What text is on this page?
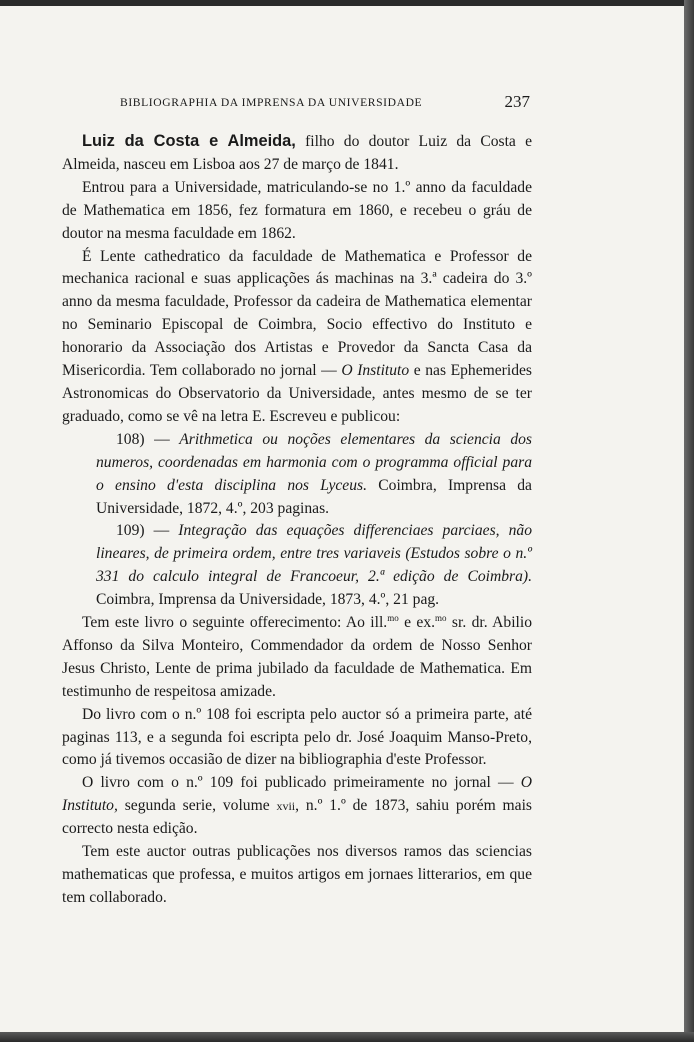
BIBLIOGRAPHIA DA IMPRENSA DA UNIVERSIDADE	237

Luiz da Costa e Almeida, filho do doutor Luiz da Costa e Almeida, nasceu em Lisboa aos 27 de março de 1841.

Entrou para a Universidade, matriculando-se no 1.º anno da faculdade de Mathematica em 1856, fez formatura em 1860, e recebeu o gráu de doutor na mesma faculdade em 1862.

É Lente cathedratico da faculdade de Mathematica e Professor de mechanica racional e suas applicações ás machinas na 3.ª cadeira do 3.º anno da mesma faculdade, Professor da cadeira de Mathematica elementar no Seminario Episcopal de Coimbra, Socio effectivo do Instituto e honorario da Associação dos Artistas e Provedor da Sancta Casa da Misericordia. Tem collaborado no jornal — O Instituto e nas Ephemerides Astronomicas do Observatorio da Universidade, antes mesmo de se ter graduado, como se vê na letra E. Escreveu e publicou:

108) — Arithmetica ou noções elementares da sciencia dos numeros, coordenadas em harmonia com o programma official para o ensino d'esta disciplina nos Lyceus. Coimbra, Imprensa da Universidade, 1872, 4.º, 203 paginas.

109) — Integração das equações differenciaes parciaes, não lineares, de primeira ordem, entre tres variaveis (Estudos sobre o n.º 331 do calculo integral de Francoeur, 2.ª edição de Coimbra). Coimbra, Imprensa da Universidade, 1873, 4.º, 21 pag.

Tem este livro o seguinte offerecimento: Ao ill.$^{mo}$ e ex.$^{mo}$ sr. dr. Abilio Affonso da Silva Monteiro, Commendador da ordem de Nosso Senhor Jesus Christo, Lente de prima jubilado da faculdade de Mathematica. Em testimunho de respeitosa amizade.

Do livro com o n.º 108 foi escripta pelo auctor só a primeira parte, até paginas 113, e a segunda foi escripta pelo dr. José Joaquim Manso-Preto, como já tivemos occasião de dizer na bibliographia d'este Professor.

O livro com o n.º 109 foi publicado primeiramente no jornal — O Instituto, segunda serie, volume xvii, n.º 1.º de 1873, sahiu porém mais correcto nesta edição.

Tem este auctor outras publicações nos diversos ramos das sciencias mathematicas que professa, e muitos artigos em jornaes litterarios, em que tem collaborado.
